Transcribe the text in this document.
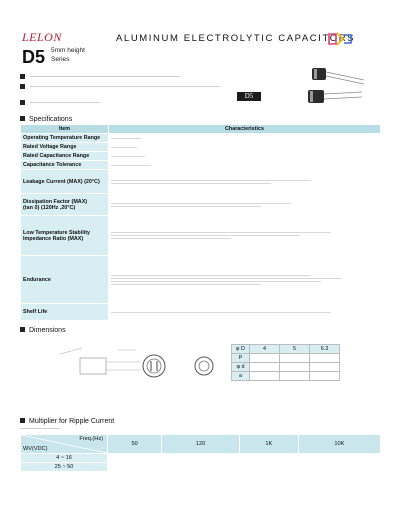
LELON	ALUMINUM ELECTROLYTIC CAPACITORS
D5 5mm height
Series
D5
Specifications
Item	Characteristics
Operating Temperature Range	

Rated Voltage Range	

Rated Capacitance Range	

Capacitance Tolerance	

Leakage Current (MAX) (20°C)	

Dissipation Factor (MAX)
(tan δ) (120Hz ,20°C)	

Low Temperature Stability
Impedance Ratio (MAX)	

Endurance	

Shelf Life	
Dimensions
φ D	4	5	6.3
P			
φ d			
a			
Multiplier for Ripple Current
Freq.(Hz)
WV(VDC)	50	120	1K	10K
4 ~ 16				
25 ~ 50				
